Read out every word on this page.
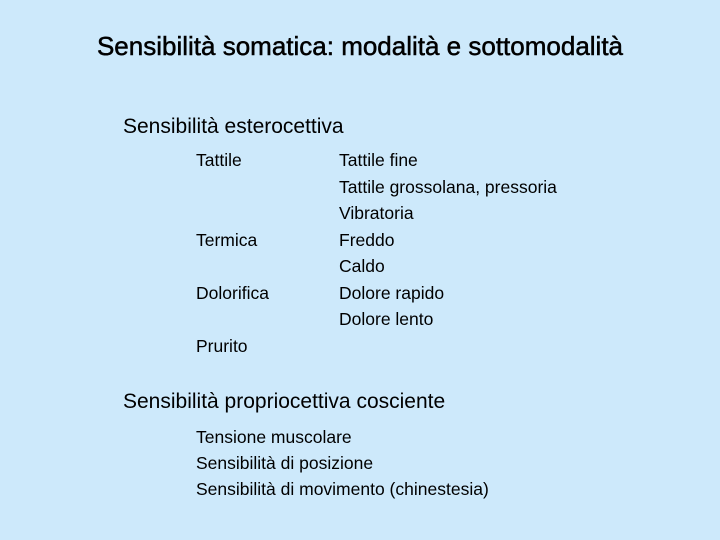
Sensibilità somatica: modalità e sottomodalità
Sensibilità esterocettiva
Tattile
Termica
Dolorifica
Prurito
Tattile fine
Tattile grossolana, pressoria
Vibratoria
Freddo
Caldo
Dolore rapido
Dolore lento
Sensibilità propriocettiva cosciente
Tensione muscolare
Sensibilità di posizione
Sensibilità di movimento (chinestesia)
